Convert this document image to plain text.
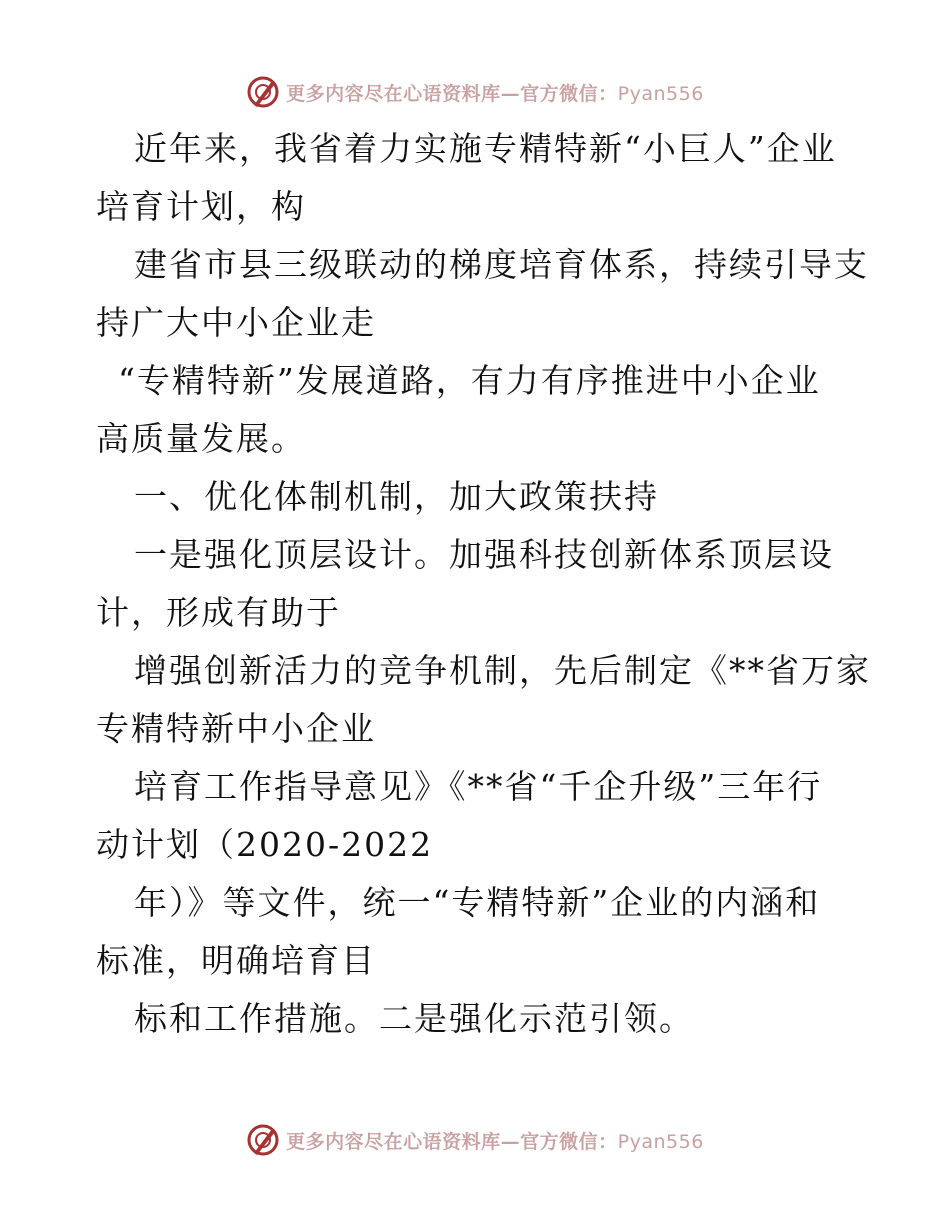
更多内容尽在心语资料库—官方微信：Pyan556
近年来，我省着力实施专精特新“小巨人”企业
培育计划，构
建省市县三级联动的梯度培育体系，持续引导支
持广大中小企业走
“专精特新”发展道路，有力有序推进中小企业
高质量发展。
一、优化体制机制，加大政策扶持
一是强化顶层设计。加强科技创新体系顶层设
计，形成有助于
增强创新活力的竞争机制，先后制定《**省万家
专精特新中小企业
培育工作指导意见》《**省“千企升级”三年行
动计划（2020-2022
年）》等文件，统一“专精特新”企业的内涵和
标准，明确培育目
标和工作措施。二是强化示范引领。
更多内容尽在心语资料库—官方微信：Pyan556
